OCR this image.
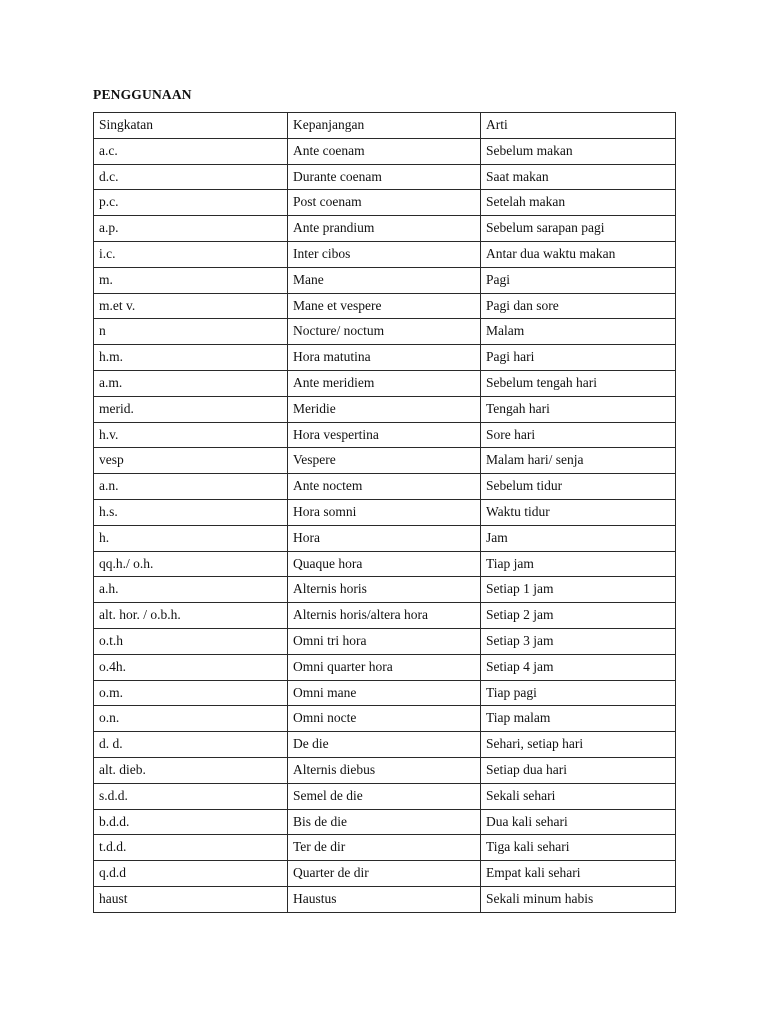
PENGGUNAAN
Singkatan	Kepanjangan	Arti
a.c.	Ante coenam	Sebelum makan
d.c.	Durante coenam	Saat makan
p.c.	Post coenam	Setelah makan
a.p.	Ante prandium	Sebelum sarapan pagi
i.c.	Inter cibos	Antar dua waktu makan
m.	Mane	Pagi
m.et v.	Mane et vespere	Pagi dan sore
n	Nocture/ noctum	Malam
h.m.	Hora matutina	Pagi hari
a.m.	Ante meridiem	Sebelum tengah hari
merid.	Meridie	Tengah hari
h.v.	Hora vespertina	Sore hari
vesp	Vespere	Malam hari/ senja
a.n.	Ante noctem	Sebelum tidur
h.s.	Hora somni	Waktu tidur
h.	Hora	Jam
qq.h./ o.h.	Quaque hora	Tiap jam
a.h.	Alternis horis	Setiap 1 jam
alt. hor. / o.b.h.	Alternis horis/altera hora	Setiap 2 jam
o.t.h	Omni tri hora	Setiap 3 jam
o.4h.	Omni quarter hora	Setiap 4 jam
o.m.	Omni mane	Tiap pagi
o.n.	Omni nocte	Tiap malam
d. d.	De die	Sehari, setiap hari
alt. dieb.	Alternis diebus	Setiap dua hari
s.d.d.	Semel de die	Sekali sehari
b.d.d.	Bis de die	Dua kali sehari
t.d.d.	Ter de dir	Tiga kali sehari
q.d.d	Quarter de dir	Empat kali sehari
haust	Haustus	Sekali minum habis
